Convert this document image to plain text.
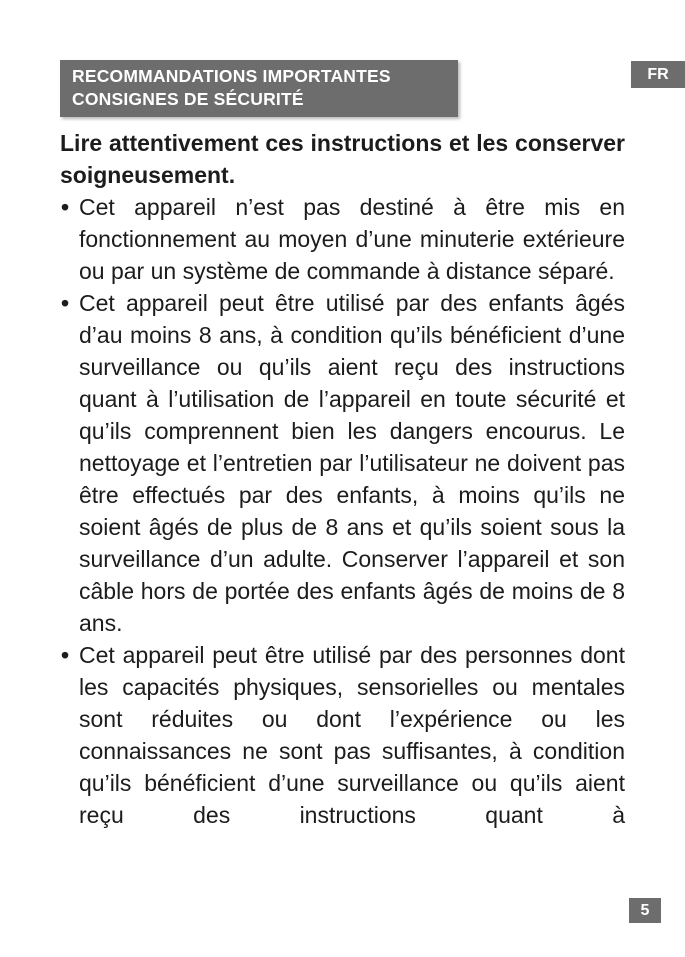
RECOMMANDATIONS IMPORTANTES
CONSIGNES DE SÉCURITÉ
FR

Lire attentivement ces instructions et les conserver soigneusement.

• Cet appareil n’est pas destiné à être mis en fonctionnement au moyen d’une minuterie extérieure ou par un système de commande à distance séparé.
• Cet appareil peut être utilisé par des enfants âgés d’au moins 8 ans, à condition qu’ils bénéficient d’une surveillance ou qu’ils aient reçu des instructions quant à l’utilisation de l’appareil en toute sécurité et qu’ils comprennent bien les dangers encourus. Le nettoyage et l’entretien par l’utilisateur ne doivent pas être effectués par des enfants, à moins qu’ils ne soient âgés de plus de 8 ans et qu’ils soient sous la surveillance d’un adulte. Conserver l’appareil et son câble hors de portée des enfants âgés de moins de 8 ans.
• Cet appareil peut être utilisé par des personnes dont les capacités physiques, sensorielles ou mentales sont réduites ou dont l’expérience ou les connaissances ne sont pas suffisantes, à condition qu’ils bénéficient d’une surveillance ou qu’ils aient reçu des instructions quant à
5
